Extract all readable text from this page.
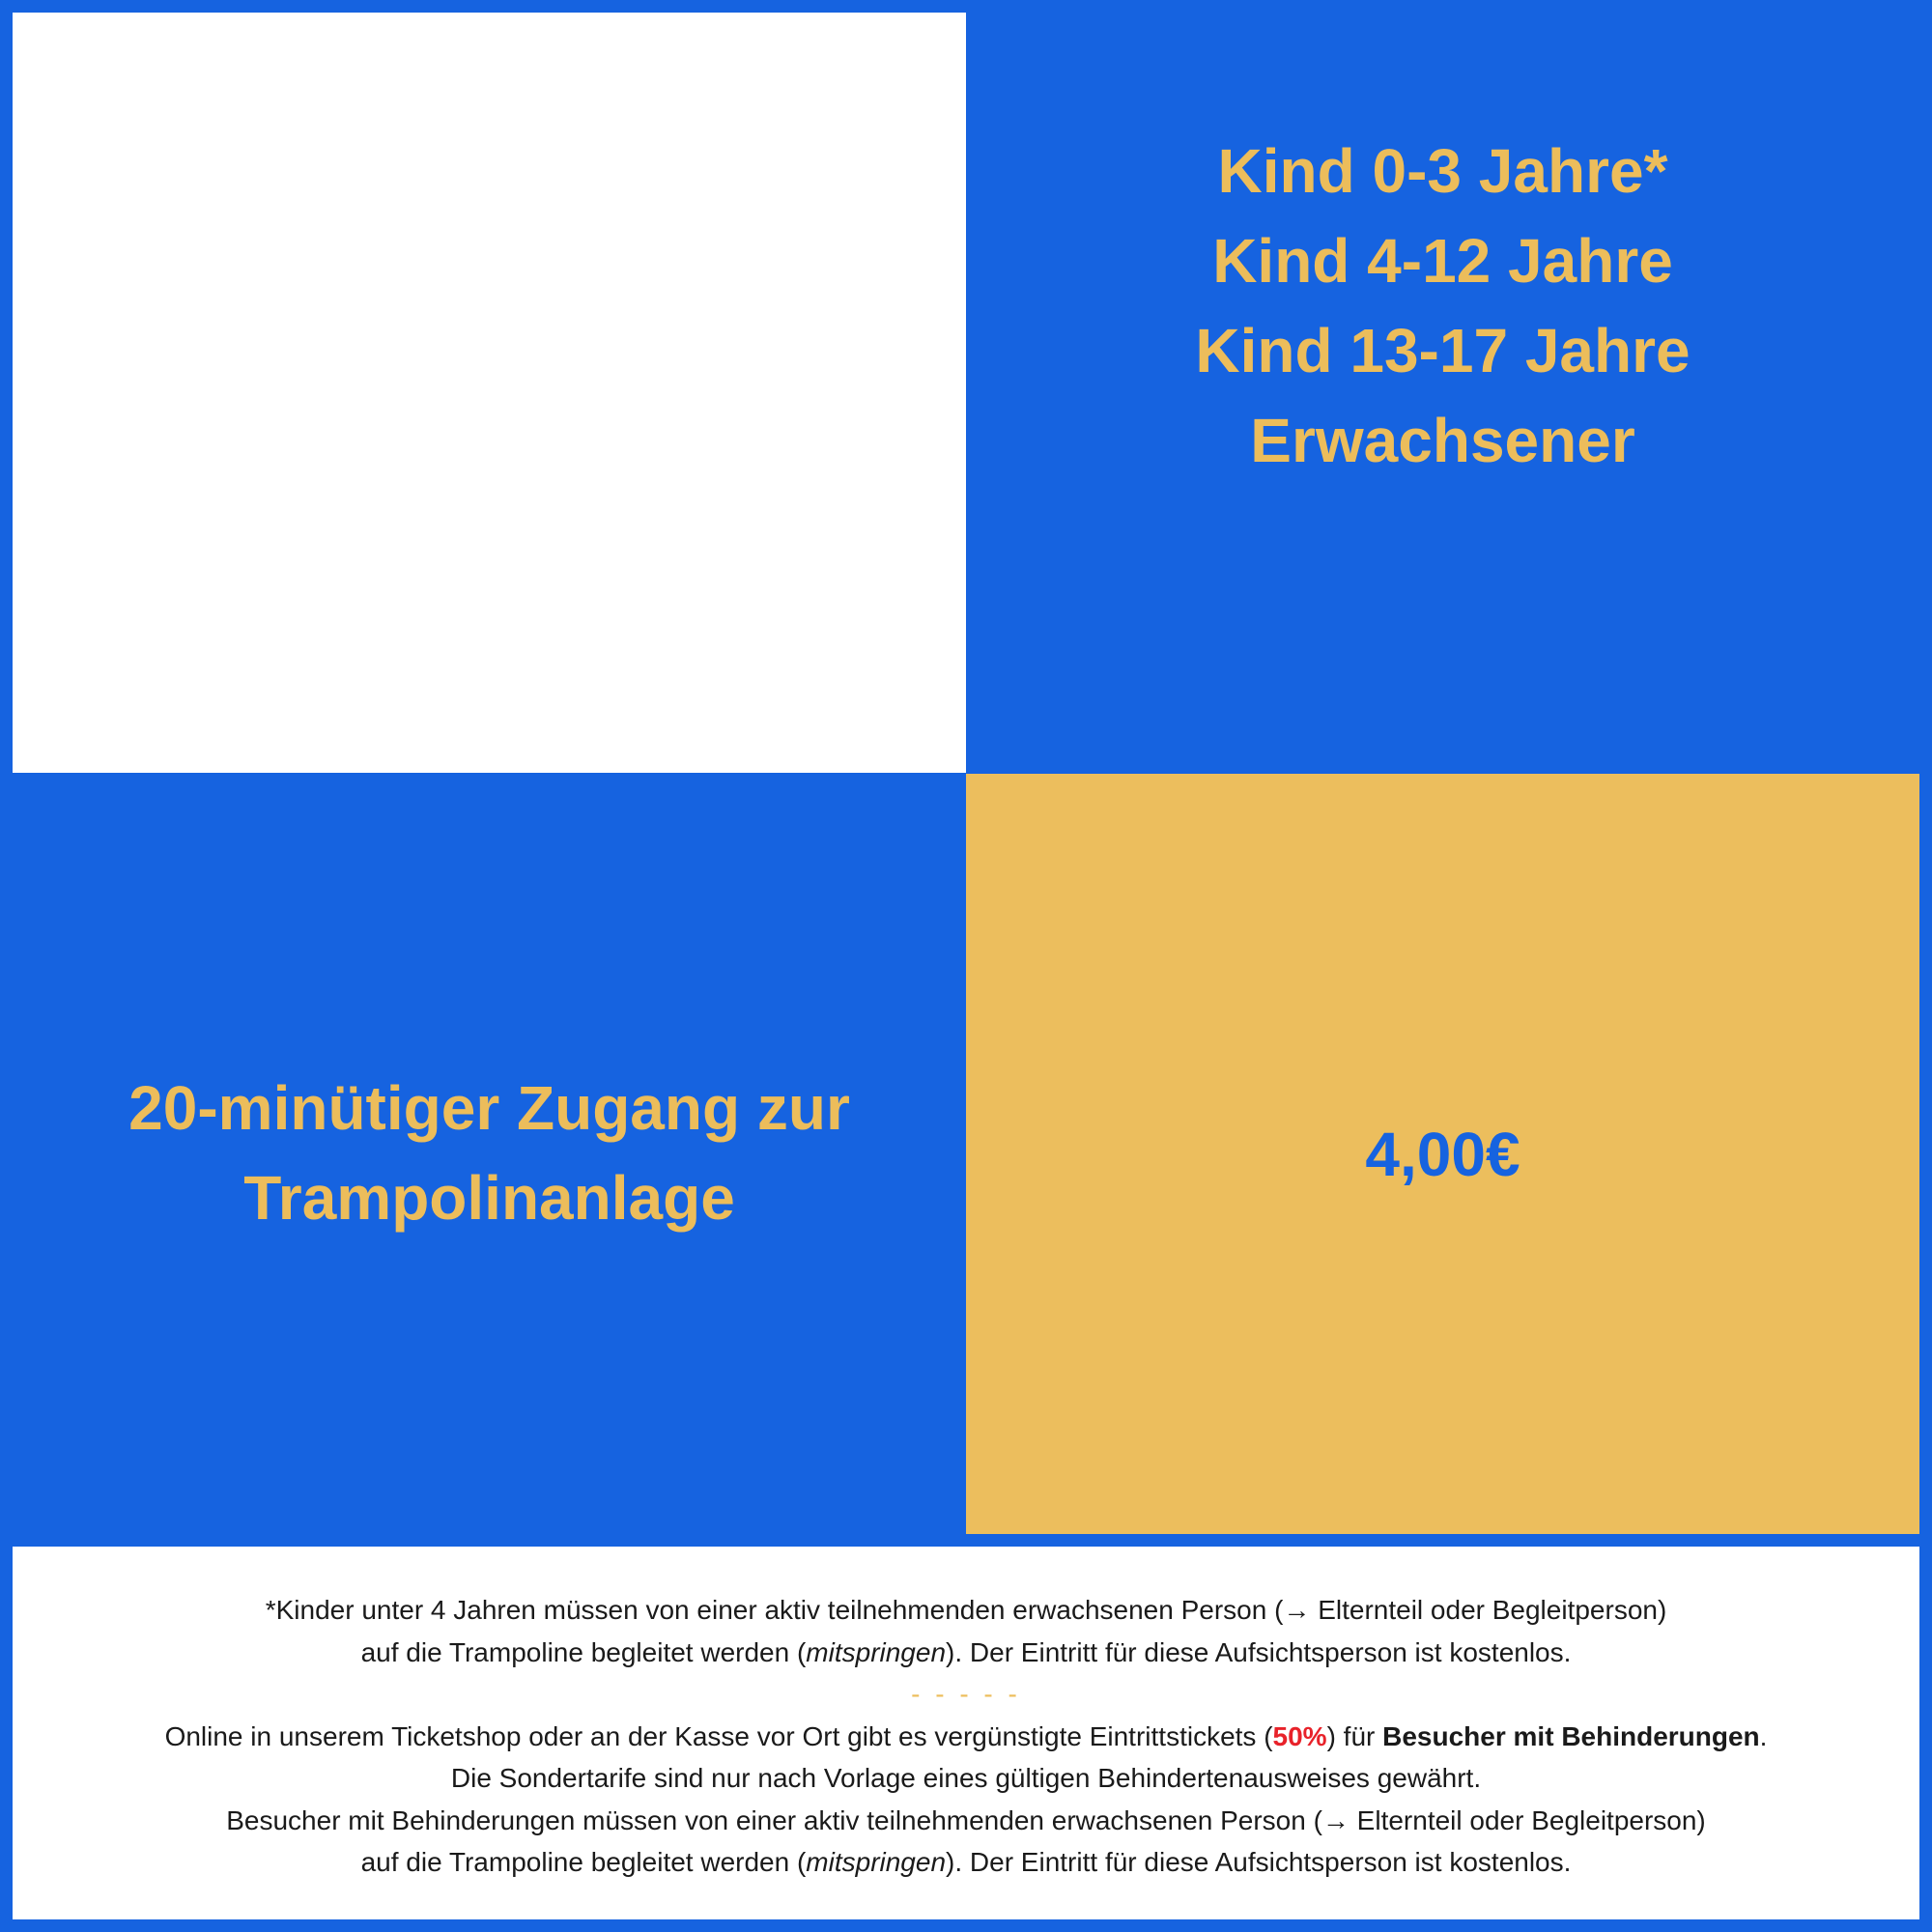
Kind 0-3 Jahre*
Kind 4-12 Jahre
Kind 13-17 Jahre
Erwachsener
20-minütiger Zugang zur
Trampolinanlage
4,00€

*Kinder unter 4 Jahren müssen von einer aktiv teilnehmenden erwachsenen Person (→ Elternteil oder Begleitperson)

auf die Trampoline begleitet werden (mitspringen). Der Eintritt für diese Aufsichtsperson ist kostenlos.

- - - - -

Online in unserem Ticketshop oder an der Kasse vor Ort gibt es vergünstigte Eintrittstickets (50%) für Besucher mit Behinderungen.

Die Sondertarife sind nur nach Vorlage eines gültigen Behindertenausweises gewährt.

Besucher mit Behinderungen müssen von einer aktiv teilnehmenden erwachsenen Person (→ Elternteil oder Begleitperson)

auf die Trampoline begleitet werden (mitspringen). Der Eintritt für diese Aufsichtsperson ist kostenlos.
